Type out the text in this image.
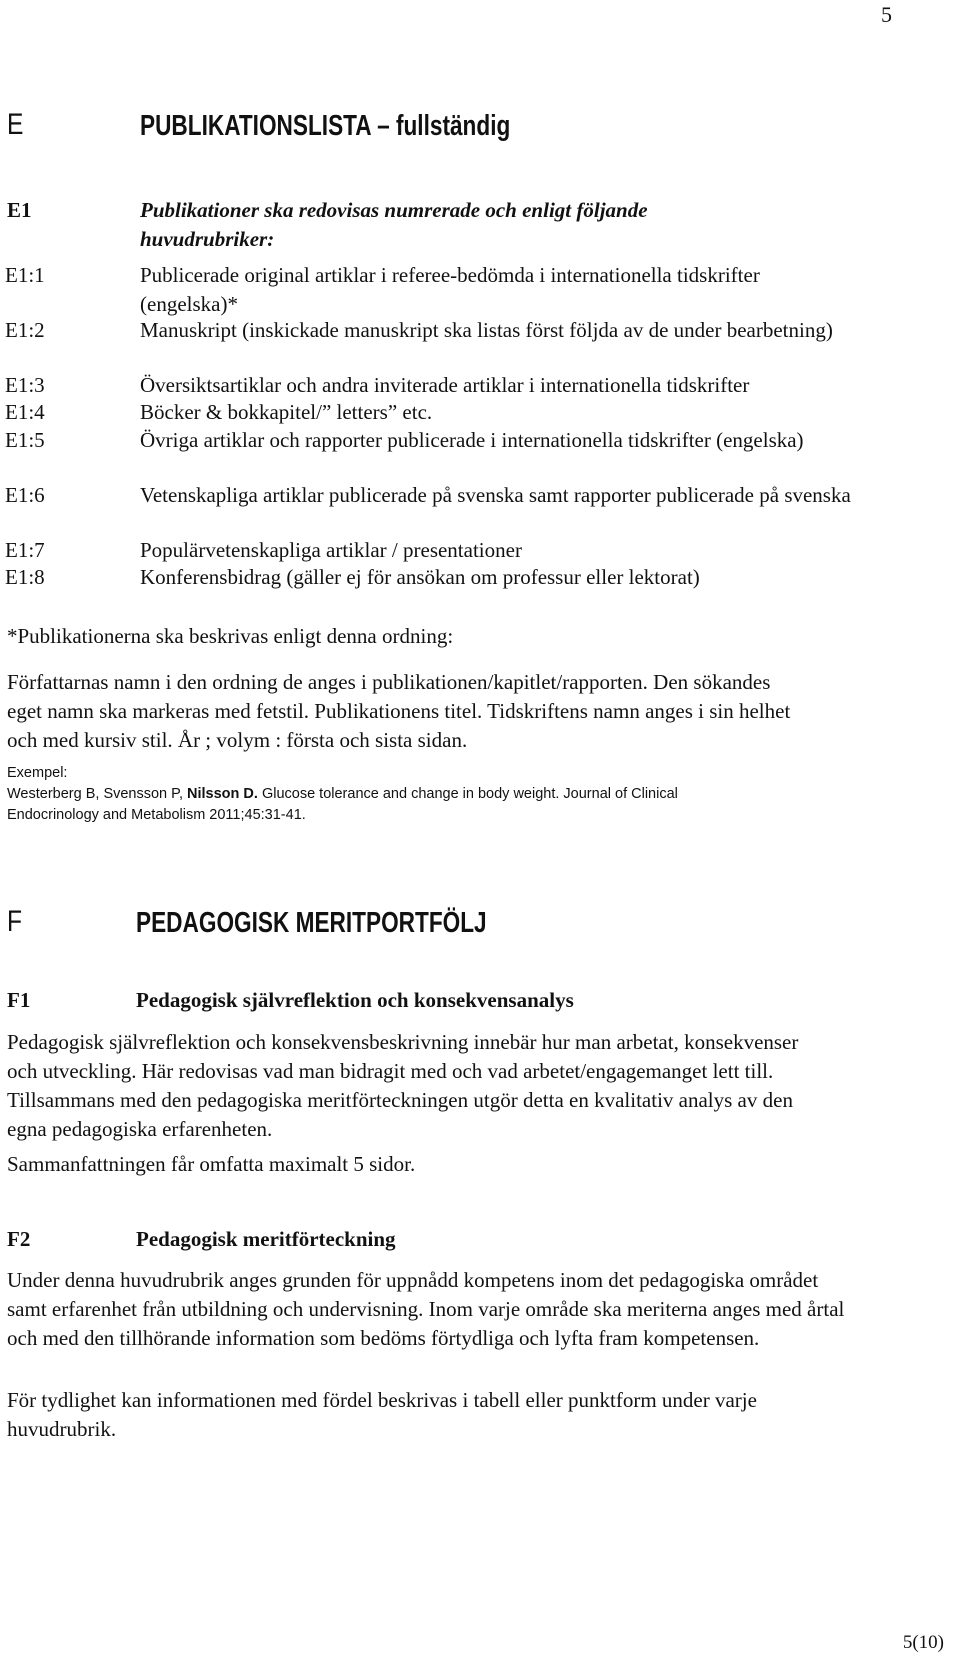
5
E	PUBLIKATIONSLISTA – fullständig
E1	Publikationer ska redovisas numrerade och enligt följande huvudrubriker:
E1:1	Publicerade original artiklar i referee-bedömda i internationella tidskrifter (engelska)*
E1:2	Manuskript (inskickade manuskript ska listas först följda av de under bearbetning)
E1:3	Översiktsartiklar och andra inviterade artiklar i internationella tidskrifter
E1:4	Böcker & bokkapitel/” letters” etc.
E1:5	Övriga artiklar och rapporter publicerade i internationella tidskrifter (engelska)
E1:6	Vetenskapliga artiklar publicerade på svenska samt rapporter publicerade på svenska
E1:7	Populärvetenskapliga artiklar / presentationer
E1:8	Konferensbidrag (gäller ej för ansökan om professur eller lektorat)
*Publikationerna ska beskrivas enligt denna ordning:
Författarnas namn i den ordning de anges i publikationen/kapitlet/rapporten. Den sökandes eget namn ska markeras med fetstil. Publikationens titel. Tidskriftens namn anges i sin helhet och med kursiv stil. År ; volym : första och sista sidan.
Exempel:
Westerberg B, Svensson P, Nilsson D. Glucose tolerance and change in body weight. Journal of Clinical Endocrinology and Metabolism 2011;45:31-41.
F	PEDAGOGISK MERITPORTFÖLJ
F1	Pedagogisk självreflektion och konsekvensanalys
Pedagogisk självreflektion och konsekvensbeskrivning innebär hur man arbetat, konsekvenser och utveckling. Här redovisas vad man bidragit med och vad arbetet/engagemanget lett till. Tillsammans med den pedagogiska meritförteckningen utgör detta en kvalitativ analys av den egna pedagogiska erfarenheten.
Sammanfattningen får omfatta maximalt 5 sidor.
F2	Pedagogisk meritförteckning
Under denna huvudrubrik anges grunden för uppnådd kompetens inom det pedagogiska området samt erfarenhet från utbildning och undervisning. Inom varje område ska meriterna anges med årtal och med den tillhörande information som bedöms förtydliga och lyfta fram kompetensen.
För tydlighet kan informationen med fördel beskrivas i tabell eller punktform under varje huvudrubrik.
5(10)
